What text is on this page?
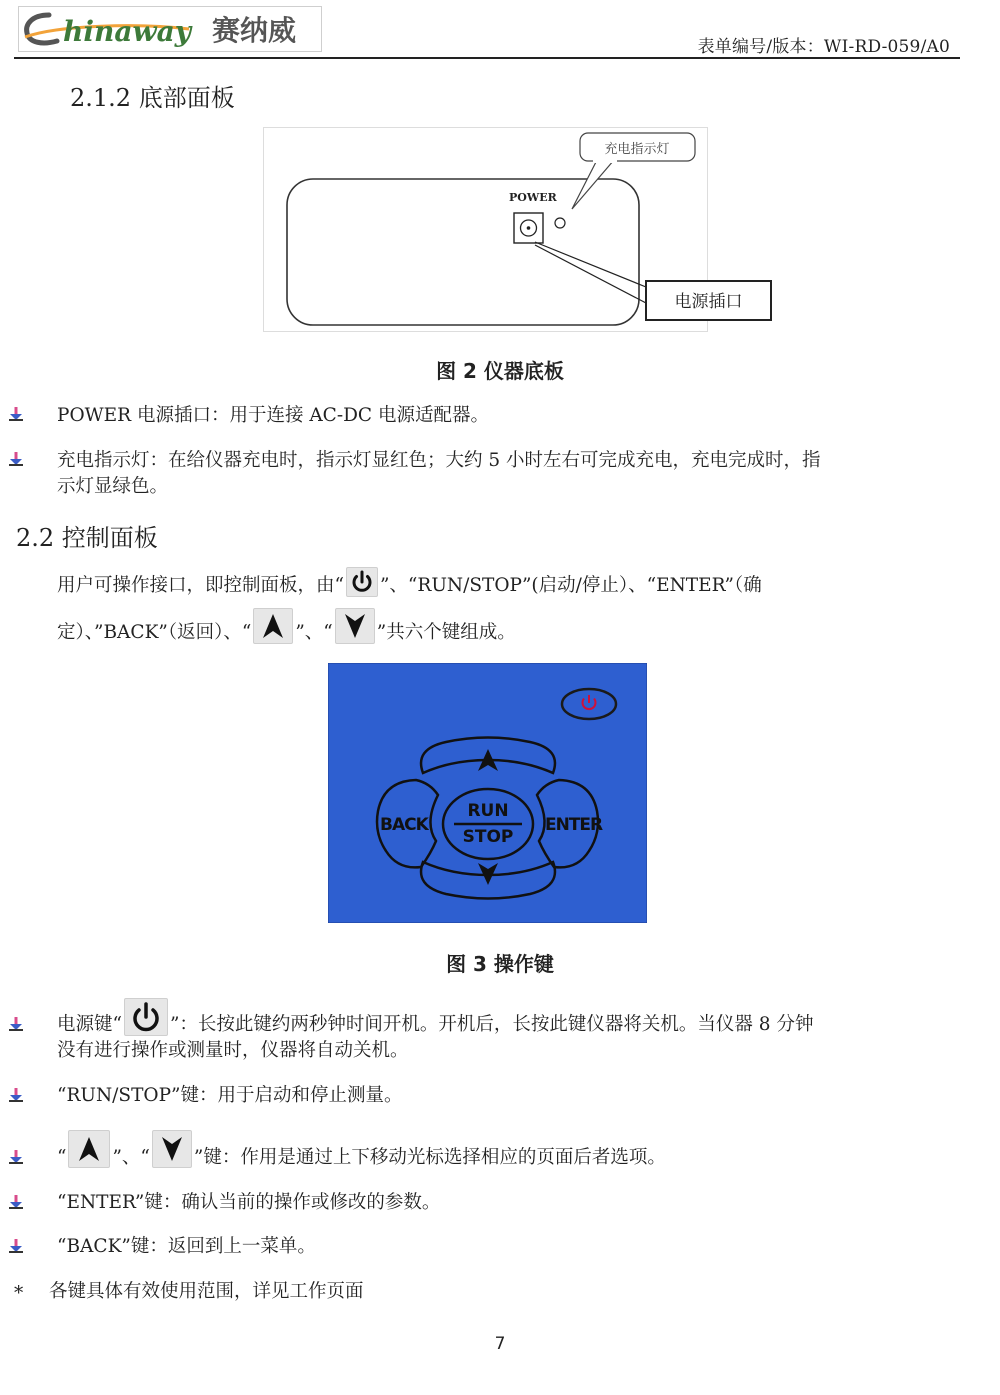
hinaway 赛纳威	表单编号/版本：WI-RD-059/A0
2.1.2 底部面板
POWER
充电指示灯
电源插口
图 2 仪器底板
POWER 电源插口：用于连接 AC-DC 电源适配器。
充电指示灯：在给仪器充电时，指示灯显红色；大约 5 小时左右可完成充电，充电完成时，指
示灯显绿色。
2.2 控制面板
用户可操作接口，即控制面板，由“ ”、“RUN/STOP”(启动/停止）、“ENTER”（确
定）、”BACK”（返回）、“ ”、“ ”共六个键组成。
BACK
RUN
STOP
ENTER
图 3 操作键
电源键“	”：长按此键约两秒钟时间开机。开机后，长按此键仪器将关机。当仪器 8 分钟
没有进行操作或测量时，仪器将自动关机。
“RUN/STOP”键：用于启动和停止测量。
“ ”、“ ”键：作用是通过上下移动光标选择相应的页面后者选项。
“ENTER”键：确认当前的操作或修改的参数。
“BACK”键：返回到上一菜单。
* 各键具体有效使用范围，详见工作页面
7
